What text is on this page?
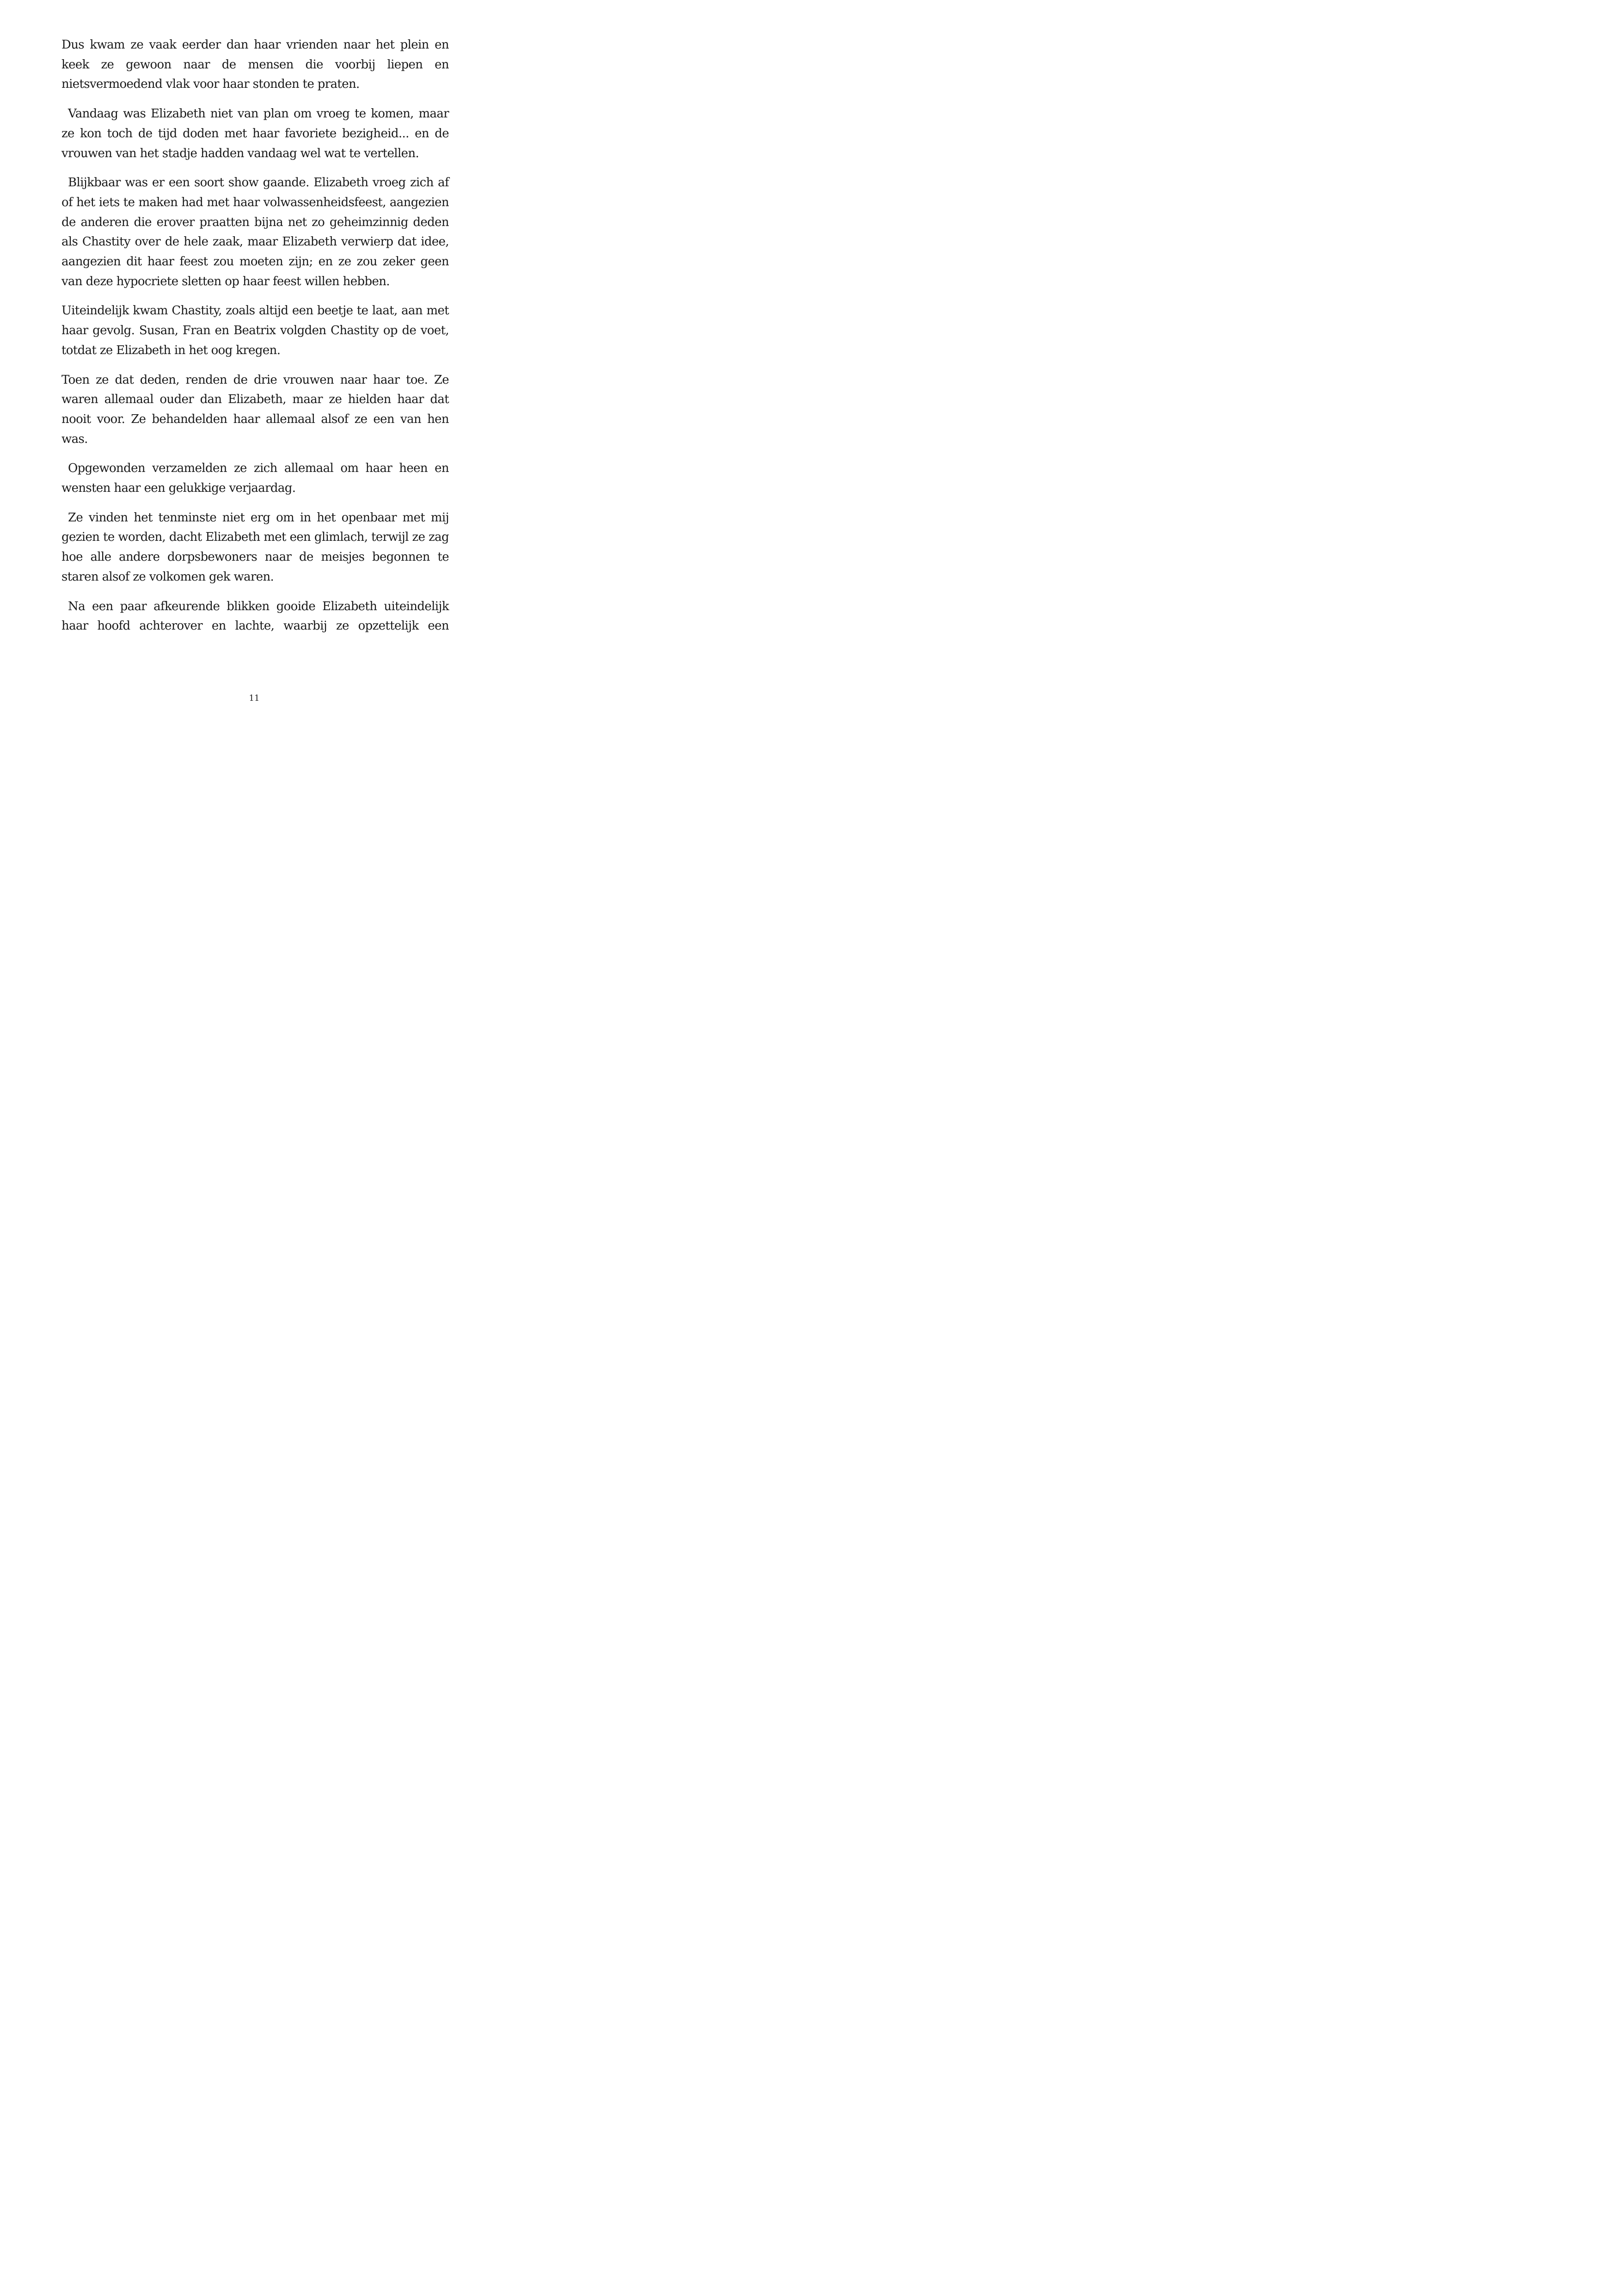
Dus kwam ze vaak eerder dan haar vrienden naar het plein en keek ze gewoon naar de mensen die voorbij liepen en nietsvermoedend vlak voor haar stonden te praten.

Vandaag was Elizabeth niet van plan om vroeg te komen, maar ze kon toch de tijd doden met haar favoriete bezigheid... en de vrouwen van het stadje hadden vandaag wel wat te vertellen.

Blijkbaar was er een soort show gaande. Elizabeth vroeg zich af of het iets te maken had met haar volwassenheidsfeest, aangezien de anderen die erover praatten bijna net zo geheimzinnig deden als Chastity over de hele zaak, maar Elizabeth verwierp dat idee, aangezien dit haar feest zou moeten zijn; en ze zou zeker geen van deze hypocriete sletten op haar feest willen hebben.

Uiteindelijk kwam Chastity, zoals altijd een beetje te laat, aan met haar gevolg. Susan, Fran en Beatrix volgden Chastity op de voet, totdat ze Elizabeth in het oog kregen.

Toen ze dat deden, renden de drie vrouwen naar haar toe. Ze waren allemaal ouder dan Elizabeth, maar ze hielden haar dat nooit voor. Ze behandelden haar allemaal alsof ze een van hen was.

Opgewonden verzamelden ze zich allemaal om haar heen en wensten haar een gelukkige verjaardag.

Ze vinden het tenminste niet erg om in het openbaar met mij gezien te worden, dacht Elizabeth met een glimlach, terwijl ze zag hoe alle andere dorpsbewoners naar de meisjes begonnen te staren alsof ze volkomen gek waren.

Na een paar afkeurende blikken gooide Elizabeth uiteindelijk haar hoofd achterover en lachte, waarbij ze opzettelijk een

11
